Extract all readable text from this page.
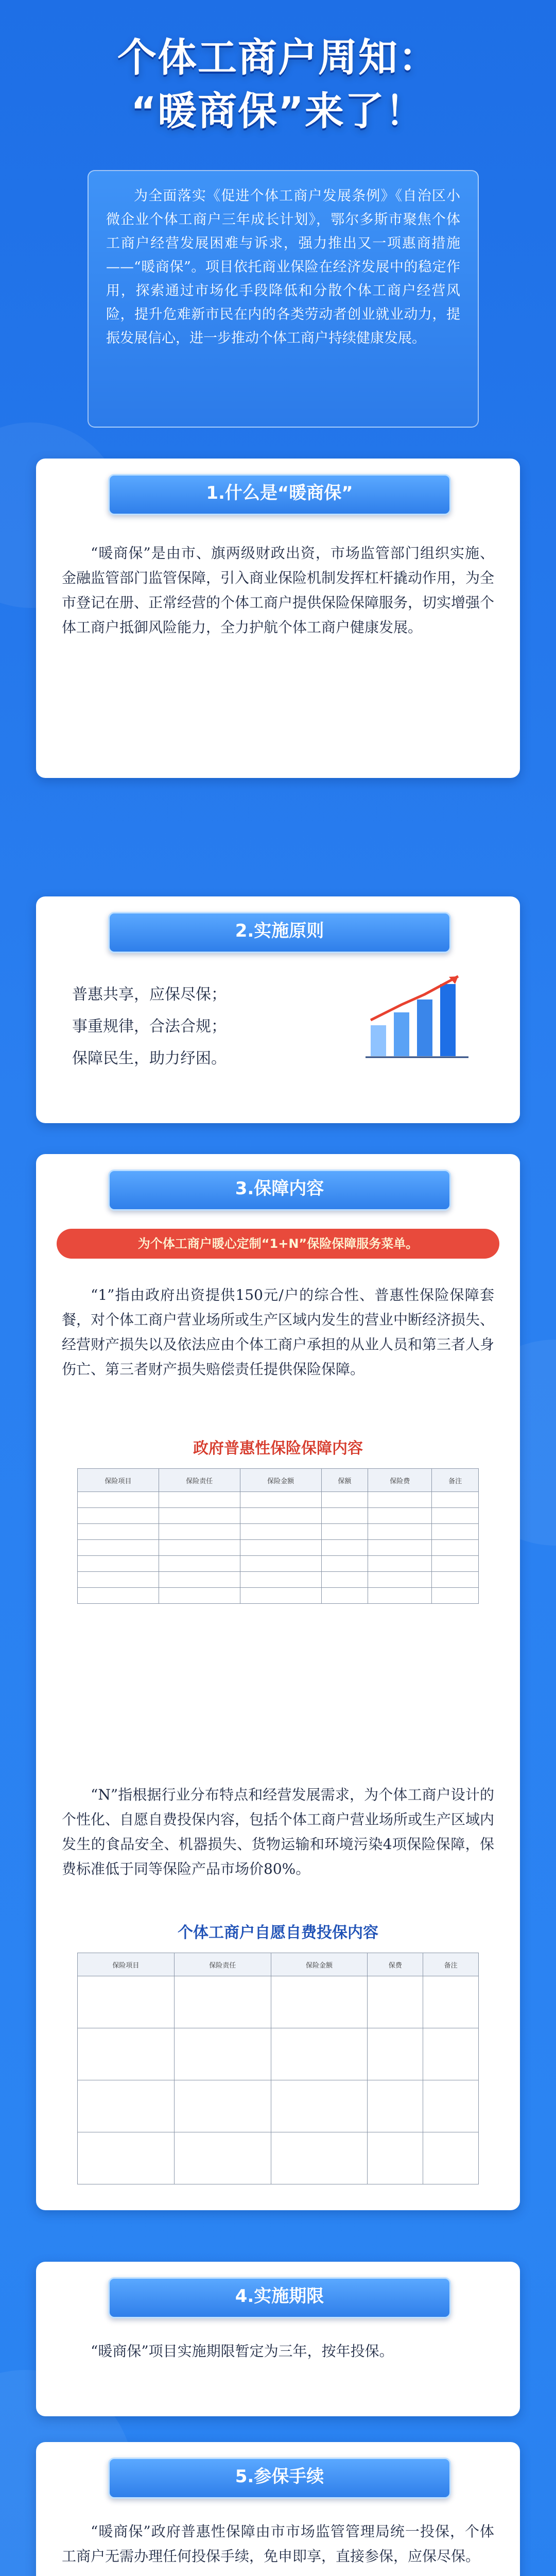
个体工商户周知：
“暖商保”来了！
为全面落实《促进个体工商户发展条例》《自治区小微企业个体工商户三年成长计划》，鄂尔多斯市聚焦个体工商户经营发展困难与诉求，强力推出又一项惠商措施——“暖商保”。项目依托商业保险在经济发展中的稳定作用，探索通过市场化手段降低和分散个体工商户经营风险，提升危难新市民在内的各类劳动者创业就业动力，提振发展信心，进一步推动个体工商户持续健康发展。
1.什么是“暖商保”
“暖商保”是由市、旗两级财政出资，市场监管部门组织实施、金融监管部门监管保障，引入商业保险机制发挥杠杆撬动作用，为全市登记在册、正常经营的个体工商户提供保险保障服务，切实增强个体工商户抵御风险能力，全力护航个体工商户健康发展。
2.实施原则
普惠共享，应保尽保；
事重规律，合法合规；
保障民生，助力纾困。
3.保障内容
为个体工商户暖心定制“1+N”保险保障服务菜单。
“1”指由政府出资提供150元/户的综合性、普惠性保险保障套餐，对个体工商户营业场所或生产区域内发生的营业中断经济损失、经营财产损失以及依法应由个体工商户承担的从业人员和第三者人身伤亡、第三者财产损失赔偿责任提供保险保障。
政府普惠性保险保障内容
保险项目	保险责任	保险金额	保额	保险费	备注

“N”指根据行业分布特点和经营发展需求，为个体工商户设计的个性化、自愿自费投保内容，包括个体工商户营业场所或生产区域内发生的食品安全、机器损失、货物运输和环境污染4项保险保障，保费标准低于同等保险产品市场价80%。
个体工商户自愿自费投保内容
保险项目	保险责任	保险金额	保费	备注

4.实施期限
“暖商保”项目实施期限暂定为三年，按年投保。
5.参保手续
“暖商保”政府普惠性保障由市市场监管管理局统一投保，个体工商户无需办理任何投保手续，免申即享，直接参保，应保尽保。
